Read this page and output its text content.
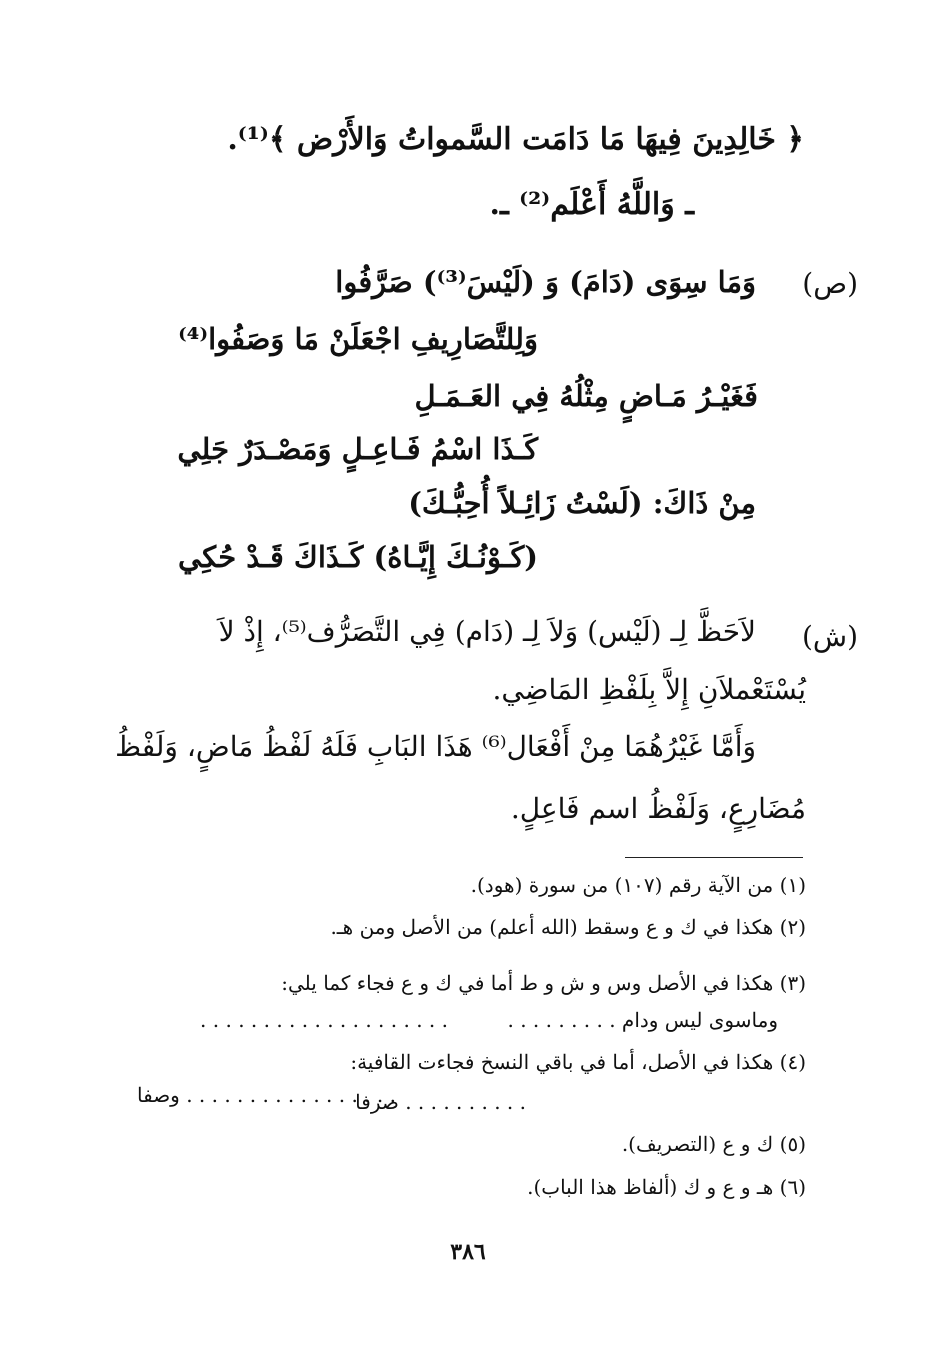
﴿ خَالِدِينَ فِيهَا مَا دَامَت السَّمواتُ وَالأَرْض ﴾⁽¹⁾.
ـ وَاللَّهُ أَعْلَم⁽²⁾ ـ.
(ص)
وَمَا سِوَى (دَامَ) وَ (لَيْسَ⁽³⁾) صَرَّفُوا
وَلِلتَّصَارِيفِ اجْعَلَنْ مَا وَصَفُوا⁽⁴⁾
فَغَيْـرُ مَـاضٍ مِثْلُهُ فِي العَـمَـلِ
كَـذَا اسْمُ فَـاعِـلٍ وَمَصْـدَرٌ جَلِي
مِنْ ذَاكَ: (لَسْتُ زَائِـلاً أُحِبُّـكَ)
(كَـوْنُـكَ إِيَّـاهُ) كَـذَاكَ قَـدْ حُكِي
(ش)
لاَحَظَّ لِـ (لَيْس) وَلاَ لِـ (دَام) فِي التَّصَرُّف⁽⁵⁾، إِذْ لاَ
يُسْتَعْملاَنِ إِلاَّ بِلَفْظِ المَاضِي.
وَأَمَّا غَيْرُهُمَا مِنْ أَفْعَال⁽⁶⁾ هَذَا البَابِ فَلَهُ لَفْظُ مَاضٍ، وَلَفْظُ
مُضَارِعٍ، وَلَفْظُ اسم فَاعِلٍ.
(١) من الآية رقم (١٠٧) من سورة (هود).
(٢) هكذا في ك و ع وسقط (الله أعلم) من الأصل ومن هـ.
(٣) هكذا في الأصل وس و ش و ط أما في ك و ع فجاء كما يلي:
وماسوى ليس ودام . . . . . . . . .
. . . . . . . . . . . . . . . . . . . .
(٤) هكذا في الأصل، أما في باقي النسخ فجاءت القافية:
. . . . . . . . . . صرفا
. . . . . . . . . . . . . . . . . وصفا
(٥) ك و ع (التصريف).
(٦) هـ و ع و ك (ألفاظ هذا الباب).
٣٨٦
